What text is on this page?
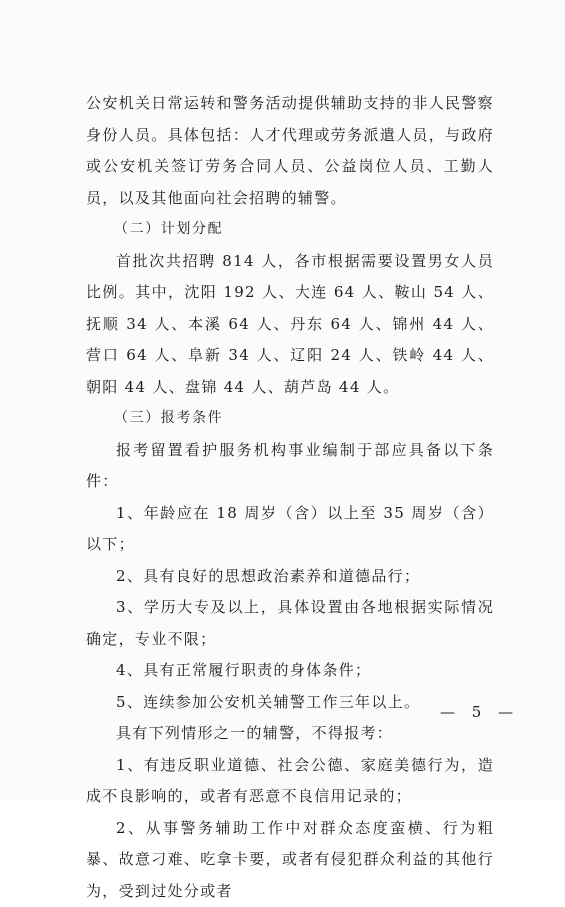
公安机关日常运转和警务活动提供辅助支持的非人民警察身份人员。具体包括：人才代理或劳务派遣人员，与政府或公安机关签订劳务合同人员、公益岗位人员、工勤人员，以及其他面向社会招聘的辅警。

（二）计划分配

首批次共招聘 814 人，各市根据需要设置男女人员比例。其中，沈阳 192 人、大连 64 人、鞍山 54 人、抚顺 34 人、本溪 64 人、丹东 64 人、锦州 44 人、营口 64 人、阜新 34 人、辽阳 24 人、铁岭 44 人、朝阳 44 人、盘锦 44 人、葫芦岛 44 人。

（三）报考条件

报考留置看护服务机构事业编制于部应具备以下条件：

1、年龄应在 18 周岁（含）以上至 35 周岁（含）以下；

2、具有良好的思想政治素养和道德品行；

3、学历大专及以上，具体设置由各地根据实际情况确定，专业不限；

4、具有正常履行职责的身体条件；

5、连续参加公安机关辅警工作三年以上。

具有下列情形之一的辅警，不得报考：

1、有违反职业道德、社会公德、家庭美德行为，造成不良影响的，或者有恶意不良信用记录的；

2、从事警务辅助工作中对群众态度蛮横、行为粗暴、故意刁难、吃拿卡要，或者有侵犯群众利益的其他行为，受到过处分或者

— 5 —
